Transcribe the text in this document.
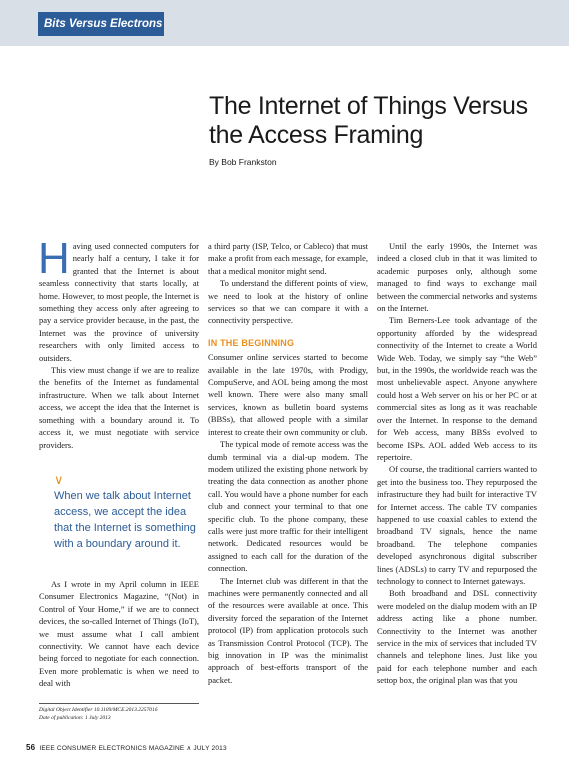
Bits Versus Electrons
The Internet of Things Versus the Access Framing
By Bob Frankston

Having used connected computers for nearly half a century, I take it for granted that the Internet is about seamless connectivity that starts locally, at home. However, to most people, the Internet is something they access only after agreeing to pay a service provider because, in the past, the Internet was the province of university researchers with only limited access to outsiders.

This view must change if we are to realize the benefits of the Internet as fundamental infrastructure. When we talk about Internet access, we accept the idea that the Internet is something with a boundary around it. To access it, we must negotiate with service providers.

∨
When we talk about Internet access, we accept the idea that the Internet is something with a boundary around it.

As I wrote in my April column in IEEE Consumer Electronics Magazine, “(Not) in Control of Your Home,” if we are to connect devices, the so-called Internet of Things (IoT), we must assume what I call ambient connectivity. We cannot have each device being forced to negotiate for each connection. Even more problematic is when we need to deal with

Digital Object Identifier 10.1109/MCE.2013.2257016
Date of publication: 1 July 2013

a third party (ISP, Telco, or Cablеco) that must make a profit from each message, for example, that a medical monitor might send.

To understand the different points of view, we need to look at the history of online services so that we can compare it with a connectivity perspective.

IN THE BEGINNING

Consumer online services started to become available in the late 1970s, with Prodigy, CompuServe, and AOL being among the most well known. There were also many small services, known as bulletin board systems (BBSs), that allowed people with a similar interest to create their own community or club.

The typical mode of remote access was the dumb terminal via a dial-up modem. The modem utilized the existing phone network by treating the data connection as another phone call. You would have a phone number for each club and connect your terminal to that one specific club. To the phone company, these calls were just more traffic for their intelligent network. Dedicated resources would be assigned to each call for the duration of the connection.

The Internet club was different in that the machines were permanently connected and all of the resources were available at once. This diversity forced the separation of the Internet protocol (IP) from application protocols such as Transmission Control Protocol (TCP). The big innovation in IP was the minimalist approach of best-efforts transport of the packet.

Until the early 1990s, the Internet was indeed a closed club in that it was limited to academic purposes only, although some managed to find ways to exchange mail between the commercial networks and systems on the Internet.

Tim Berners-Lee took advantage of the opportunity afforded by the widespread connectivity of the Internet to create a World Wide Web. Today, we simply say “the Web” but, in the 1990s, the worldwide reach was the most unbelievable aspect. Anyone anywhere could host a Web server on his or her PC or at commercial sites as long as it was reachable over the Internet. In response to the demand for Web access, many BBSs evolved to become ISPs. AOL added Web access to its repertoire.

Of course, the traditional carriers wanted to get into the business too. They repurposed the infrastructure they had built for interactive TV for Internet access. The cable TV companies happened to use coaxial cables to extend the broadband TV signals, hence the name broadband. The telephone companies developed asynchronous digital subscriber lines (ADSLs) to carry TV and repurposed the technology to connect to Internet gateways.

Both broadband and DSL connectivity were modeled on the dialup modem with an IP address acting like a phone number. Connectivity to the Internet was another service in the mix of services that included TV channels and telephone lines. Just like you paid for each telephone number and each settop box, the original plan was that you

56 IEEE CONSUMER ELECTRONICS MAGAZINE ∧ JULY 2013
